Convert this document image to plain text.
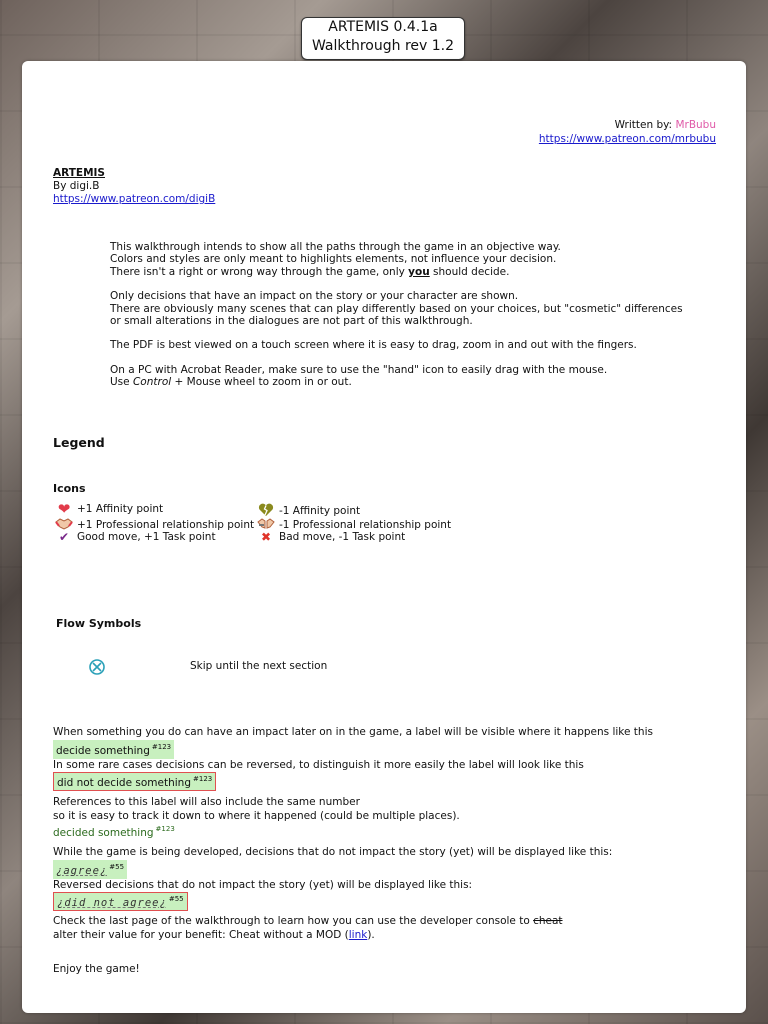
ARTEMIS 0.4.1a
Walkthrough rev 1.2
Written by: MrBubu
https://www.patreon.com/mrbubu
ARTEMIS
By digi.B
https://www.patreon.com/digiB

This walkthrough intends to show all the paths through the game in an objective way.
Colors and styles are only meant to highlights elements, not influence your decision.
There isn't a right or wrong way through the game, only you should decide.

Only decisions that have an impact on the story or your character are shown.
There are obviously many scenes that can play differently based on your choices, but "cosmetic" differences
or small alterations in the dialogues are not part of this walkthrough.

The PDF is best viewed on a touch screen where it is easy to drag, zoom in and out with the fingers.

On a PC with Acrobat Reader, make sure to use the "hand" icon to easily drag with the mouse.
Use Control + Mouse wheel to zoom in or out.

Legend
Icons
❤ +1 Affinity point	-1 Affinity point
+1 Professional relationship point -1 Professional relationship point
✔ Good move, +1 Task point	✖ Bad move, -1 Task point
Flow Symbols
Skip until the next section
When something you do can have an impact later on in the game, a label will be visible where it happens like this
decide something $^{\#123}$
In some rare cases decisions can be reversed, to distinguish it more easily the label will look like this
did not decide something $^{\#123}$
References to this label will also include the same number
so it is easy to track it down to where it happened (could be multiple places).
decided something $^{\#123}$
While the game is being developed, decisions that do not impact the story (yet) will be displayed like this:
¿agree¿ $^{\#55}$
Reversed decisions that do not impact the story (yet) will be displayed like this:
¿did not agree¿ $^{\#55}$
Check the last page of the walkthrough to learn how you can use the developer console to cheat
alter their value for your benefit: Cheat without a MOD (link).
Enjoy the game!
